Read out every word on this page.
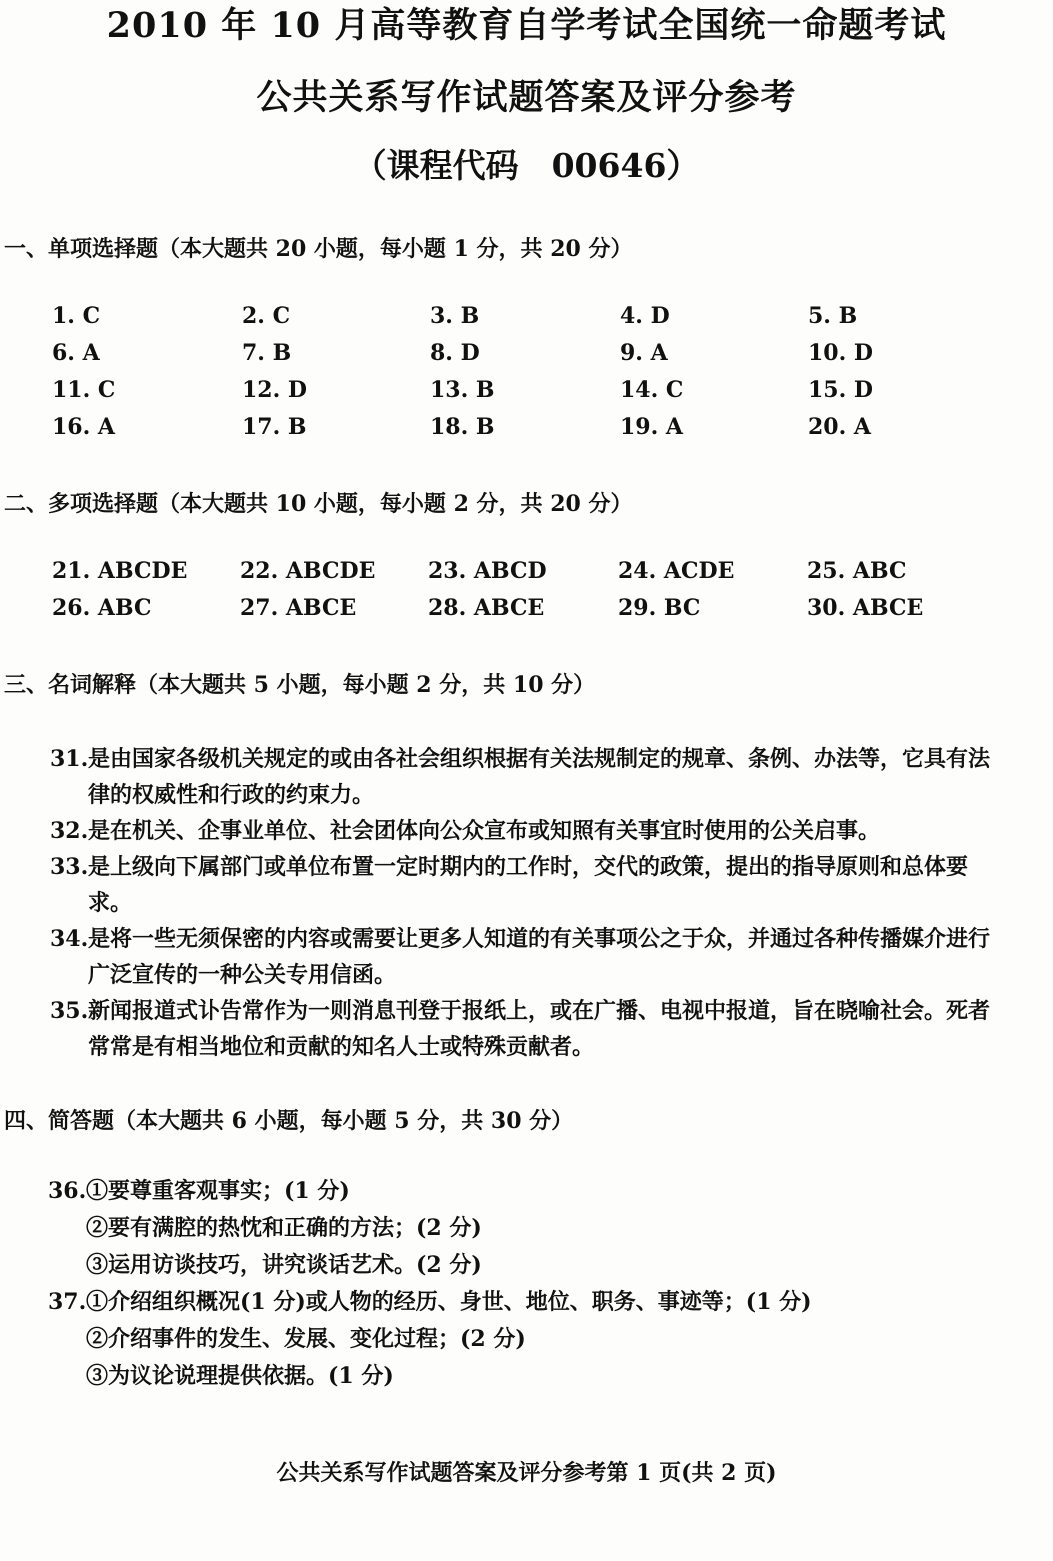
2010 年 10 月高等教育自学考试全国统一命题考试
公共关系写作试题答案及评分参考
（课程代码　00646）
一、单项选择题（本大题共 20 小题，每小题 1 分，共 20 分）
1. C	2. C	3. B	4. D	5. B
6. A	7. B	8. D	9. A	10. D
11. C	12. D	13. B	14. C	15. D
16. A	17. B	18. B	19. A	20. A
二、多项选择题（本大题共 10 小题，每小题 2 分，共 20 分）
21. ABCDE 22. ABCDE 23. ABCD	24. ACDE	25. ABC
26. ABC	27. ABCE	28. ABCE	29. BC	30. ABCE
三、名词解释（本大题共 5 小题，每小题 2 分，共 10 分）
31. 是由国家各级机关规定的或由各社会组织根据有关法规制定的规章、条例、办法等，它具有法律的权威性和行政的约束力。
32. 是在机关、企事业单位、社会团体向公众宣布或知照有关事宜时使用的公关启事。
33. 是上级向下属部门或单位布置一定时期内的工作时，交代的政策，提出的指导原则和总体要求。
34. 是将一些无须保密的内容或需要让更多人知道的有关事项公之于众，并通过各种传播媒介进行广泛宣传的一种公关专用信函。
35. 新闻报道式讣告常作为一则消息刊登于报纸上，或在广播、电视中报道，旨在晓喻社会。死者常常是有相当地位和贡献的知名人士或特殊贡献者。
四、简答题（本大题共 6 小题，每小题 5 分，共 30 分）
36. ①要尊重客观事实；(1 分)
②要有满腔的热忱和正确的方法；(2 分)
③运用访谈技巧，讲究谈话艺术。(2 分)
37. ①介绍组织概况(1 分)或人物的经历、身世、地位、职务、事迹等；(1 分)
②介绍事件的发生、发展、变化过程；(2 分)
③为议论说理提供依据。(1 分)
公共关系写作试题答案及评分参考第 1 页(共 2 页)
